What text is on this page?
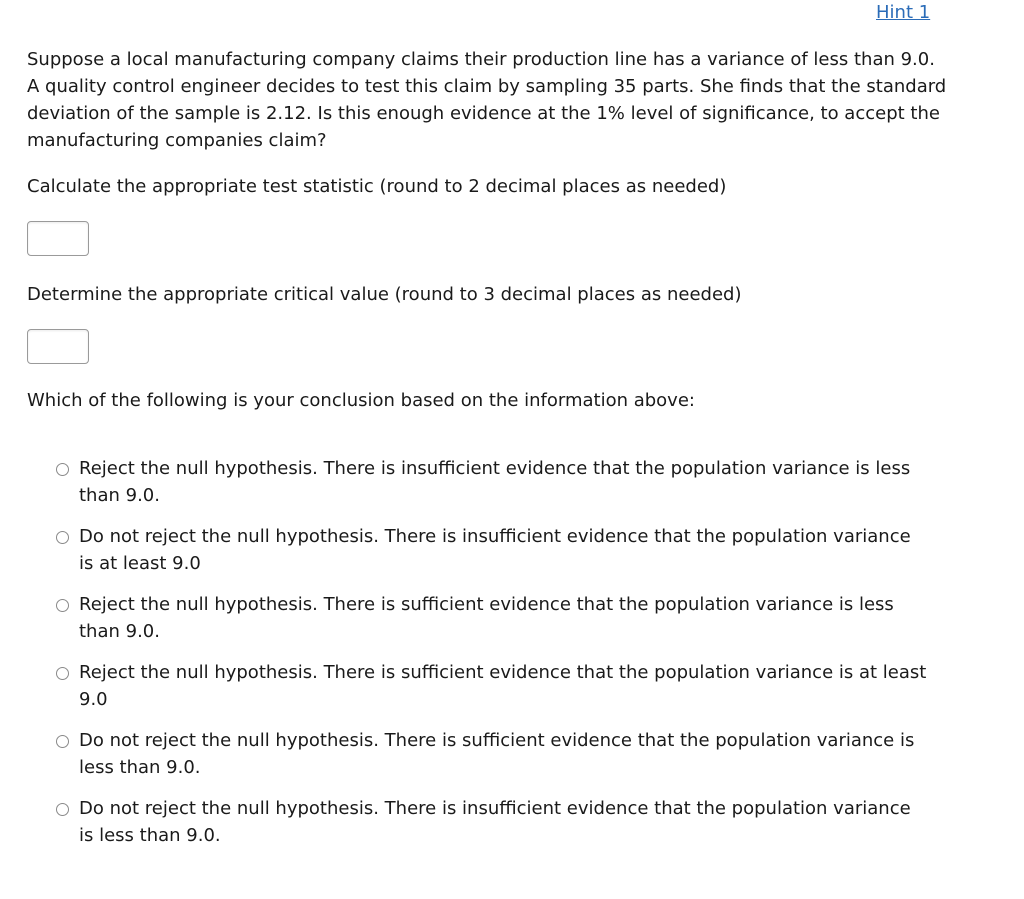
Hint 1
Suppose a local manufacturing company claims their production line has a variance of less than 9.0. A quality control engineer decides to test this claim by sampling 35 parts. She finds that the standard deviation of the sample is 2.12. Is this enough evidence at the 1% level of significance, to accept the manufacturing companies claim?
Calculate the appropriate test statistic (round to 2 decimal places as needed)
Determine the appropriate critical value (round to 3 decimal places as needed)
Which of the following is your conclusion based on the information above:
Reject the null hypothesis. There is insufficient evidence that the population variance is less than 9.0.
Do not reject the null hypothesis. There is insufficient evidence that the population variance is at least 9.0
Reject the null hypothesis. There is sufficient evidence that the population variance is less than 9.0.
Reject the null hypothesis. There is sufficient evidence that the population variance is at least 9.0
Do not reject the null hypothesis. There is sufficient evidence that the population variance is less than 9.0.
Do not reject the null hypothesis. There is insufficient evidence that the population variance is less than 9.0.
